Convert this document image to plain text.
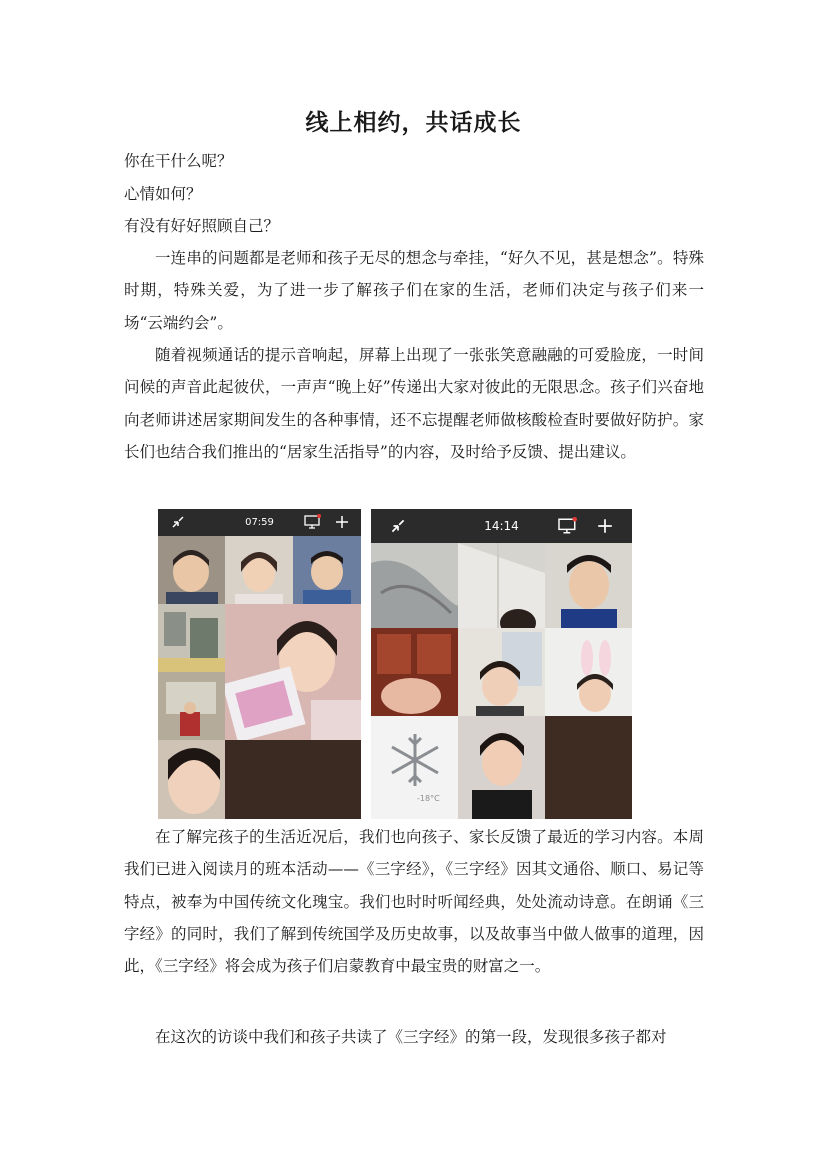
线上相约，共话成长
你在干什么呢？
心情如何？
有没有好好照顾自己？
一连串的问题都是老师和孩子无尽的想念与牵挂，“好久不见，甚是想念”。特殊时期，特殊关爱，为了进一步了解孩子们在家的生活，老师们决定与孩子们来一场“云端约会”。
随着视频通话的提示音响起，屏幕上出现了一张张笑意融融的可爱脸庞，一时间问候的声音此起彼伏，一声声“晚上好”传递出大家对彼此的无限思念。孩子们兴奋地向老师讲述居家期间发生的各种事情，还不忘提醒老师做核酸检查时要做好防护。家长们也结合我们推出的“居家生活指导”的内容，及时给予反馈、提出建议。
07:59	14:14
-18°C
在了解完孩子的生活近况后，我们也向孩子、家长反馈了最近的学习内容。本周我们已进入阅读月的班本活动——《三字经》，《三字经》因其文通俗、顺口、易记等特点，被奉为中国传统文化瑰宝。我们也时时听闻经典，处处流动诗意。在朗诵《三字经》的同时，我们了解到传统国学及历史故事，以及故事当中做人做事的道理，因此，《三字经》将会成为孩子们启蒙教育中最宝贵的财富之一。
在这次的访谈中我们和孩子共读了《三字经》的第一段，发现很多孩子都对
